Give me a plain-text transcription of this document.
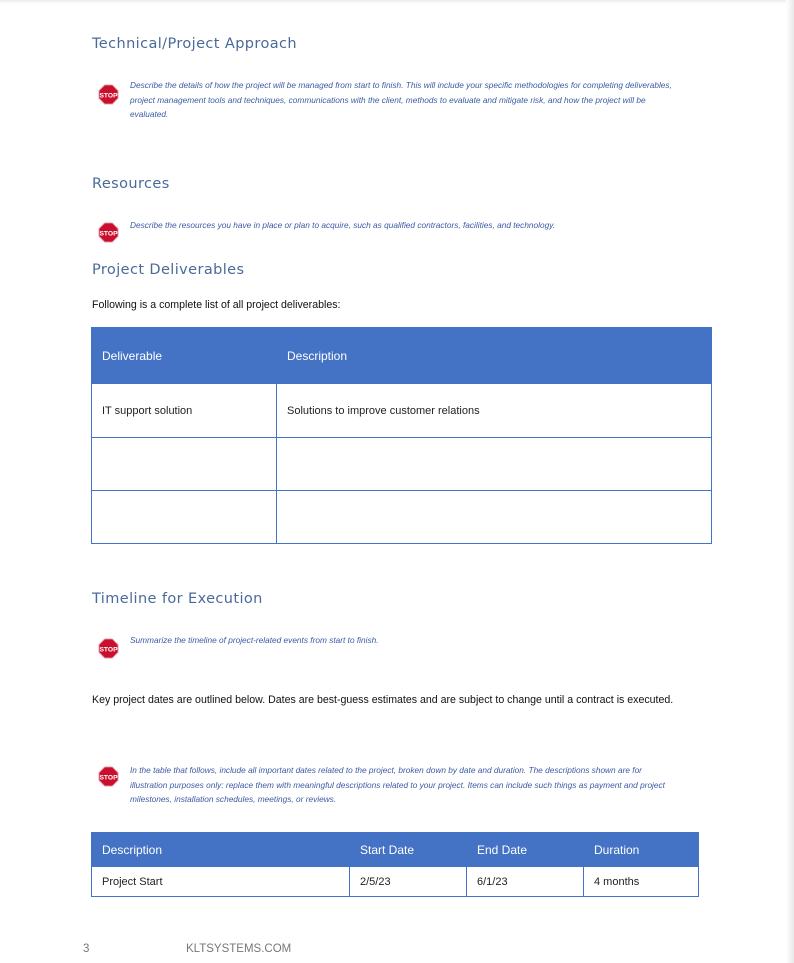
Technical/Project Approach
STOP
Describe the details of how the project will be managed from start to finish. This will include your specific methodologies for completing deliverables, project management tools and techniques, communications with the client, methods to evaluate and mitigate risk, and how the project will be evaluated.
Resources
STOP
Describe the resources you have in place or plan to acquire, such as qualified contractors, facilities, and technology.
Project Deliverables
Following is a complete list of all project deliverables:
Deliverable	Description
IT support solution	Solutions to improve customer relations

Timeline for Execution
STOP
Summarize the timeline of project-related events from start to finish.
Key project dates are outlined below. Dates are best-guess estimates and are subject to change until a contract is executed.
STOP
In the table that follows, include all important dates related to the project, broken down by date and duration. The descriptions shown are for illustration purposes only: replace them with meaningful descriptions related to your project. Items can include such things as payment and project milestones, installation schedules, meetings, or reviews.
Description	Start Date	End Date	Duration
Project Start	2/5/23	6/1/23	4 months
3	KLTSYSTEMS.COM
